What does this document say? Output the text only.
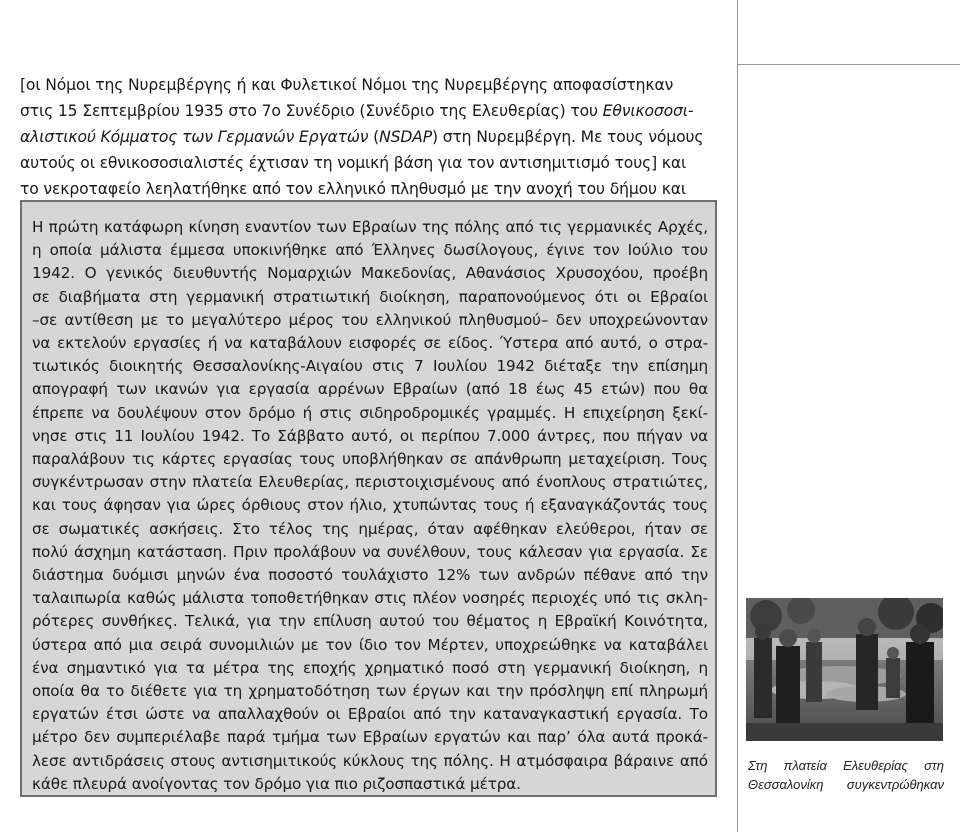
[οι Νόμοι της Νυρεμβέργης ή και Φυλετικοί Νόμοι της Νυρεμβέργης αποφασίστηκαν
στις 15 Σεπτεμβρίου 1935 στο 7ο Συνέδριο (Συνέδριο της Ελευθερίας) του Εθνικοσοσι-
αλιστικού Κόμματος των Γερμανών Εργατών (NSDAP) στη Νυρεμβέργη. Με τους νόμους
αυτούς οι εθνικοσοσιαλιστές έχτισαν τη νομική βάση για τον αντισημιτισμό τους] και
το νεκροταφείο λεηλατήθηκε από τον ελληνικό πληθυσμό με την ανοχή του δήμου και
Η πρώτη κατάφωρη κίνηση εναντίον των Εβραίων της πόλης από τις γερμανικές Αρχές,
η οποία μάλιστα έμμεσα υποκινήθηκε από Έλληνες δωσίλογους, έγινε τον Ιούλιο του
1942. Ο γενικός διευθυντής Νομαρχιών Μακεδονίας, Αθανάσιος Χρυσοχόου, προέβη
σε διαβήματα στη γερμανική στρατιωτική διοίκηση, παραπονούμενος ότι οι Εβραίοι
–σε αντίθεση με το μεγαλύτερο μέρος του ελληνικού πληθυσμού– δεν υποχρεώνονταν
να εκτελούν εργασίες ή να καταβάλουν εισφορές σε είδος. Ύστερα από αυτό, ο στρα-
τιωτικός διοικητής Θεσσαλονίκης-Αιγαίου στις 7 Ιουλίου 1942 διέταξε την επίσημη
απογραφή των ικανών για εργασία αρρένων Εβραίων (από 18 έως 45 ετών) που θα
έπρεπε να δουλέψουν στον δρόμο ή στις σιδηροδρομικές γραμμές. Η επιχείρηση ξεκί-
νησε στις 11 Ιουλίου 1942. Το Σάββατο αυτό, οι περίπου 7.000 άντρες, που πήγαν να
παραλάβουν τις κάρτες εργασίας τους υποβλήθηκαν σε απάνθρωπη μεταχείριση. Τους
συγκέντρωσαν στην πλατεία Ελευθερίας, περιστοιχισμένους από ένοπλους στρατιώτες,
και τους άφησαν για ώρες όρθιους στον ήλιο, χτυπώντας τους ή εξαναγκάζοντάς τους
σε σωματικές ασκήσεις. Στο τέλος της ημέρας, όταν αφέθηκαν ελεύθεροι, ήταν σε
πολύ άσχημη κατάσταση. Πριν προλάβουν να συνέλθουν, τους κάλεσαν για εργασία. Σε
διάστημα δυόμισι μηνών ένα ποσοστό τουλάχιστο 12% των ανδρών πέθανε από την
ταλαιπωρία καθώς μάλιστα τοποθετήθηκαν στις πλέον νοσηρές περιοχές υπό τις σκλη-
ρότερες συνθήκες. Τελικά, για την επίλυση αυτού του θέματος η Εβραϊκή Κοινότητα,
ύστερα από μια σειρά συνομιλιών με τον ίδιο τον Μέρτεν, υποχρεώθηκε να καταβάλει
ένα σημαντικό για τα μέτρα της εποχής χρηματικό ποσό στη γερμανική διοίκηση, η
οποία θα το διέθετε για τη χρηματοδότηση των έργων και την πρόσληψη επί πληρωμή
εργατών έτσι ώστε να απαλλαχθούν οι Εβραίοι από την καταναγκαστική εργασία. Το
μέτρο δεν συμπεριέλαβε παρά τμήμα των Εβραίων εργατών και παρ’ όλα αυτά προκά-
λεσε αντιδράσεις στους αντισημιτικούς κύκλους της πόλης. Η ατμόσφαιρα βάραινε από
κάθε πλευρά ανοίγοντας τον δρόμο για πιο ριζοσπαστικά μέτρα.
Στη πλατεία Ελευθερίας στη
Θεσσαλονίκη συγκεντρώθηκαν
